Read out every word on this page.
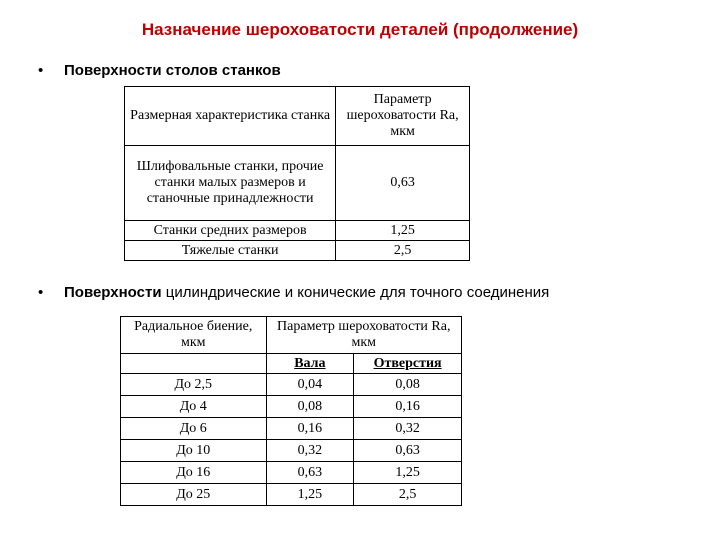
Назначение шероховатости деталей (продолжение)
• Поверхности столов станков
Размерная характеристика станка	Параметр шероховатости Ra, мкм
Шлифовальные станки, прочие станки малых размеров и станочные принадлежности	0,63
Станки средних размеров	1,25
Тяжелые станки	2,5
• Поверхности цилиндрические и конические для точного соединения
Радиальное биение, мкм	Параметр шероховатости Ra, мкм	
	Вала	Отверстия
До 2,5	0,04	0,08
До 4	0,08	0,16
До 6	0,16	0,32
До 10	0,32	0,63
До 16	0,63	1,25
До 25	1,25	2,5
